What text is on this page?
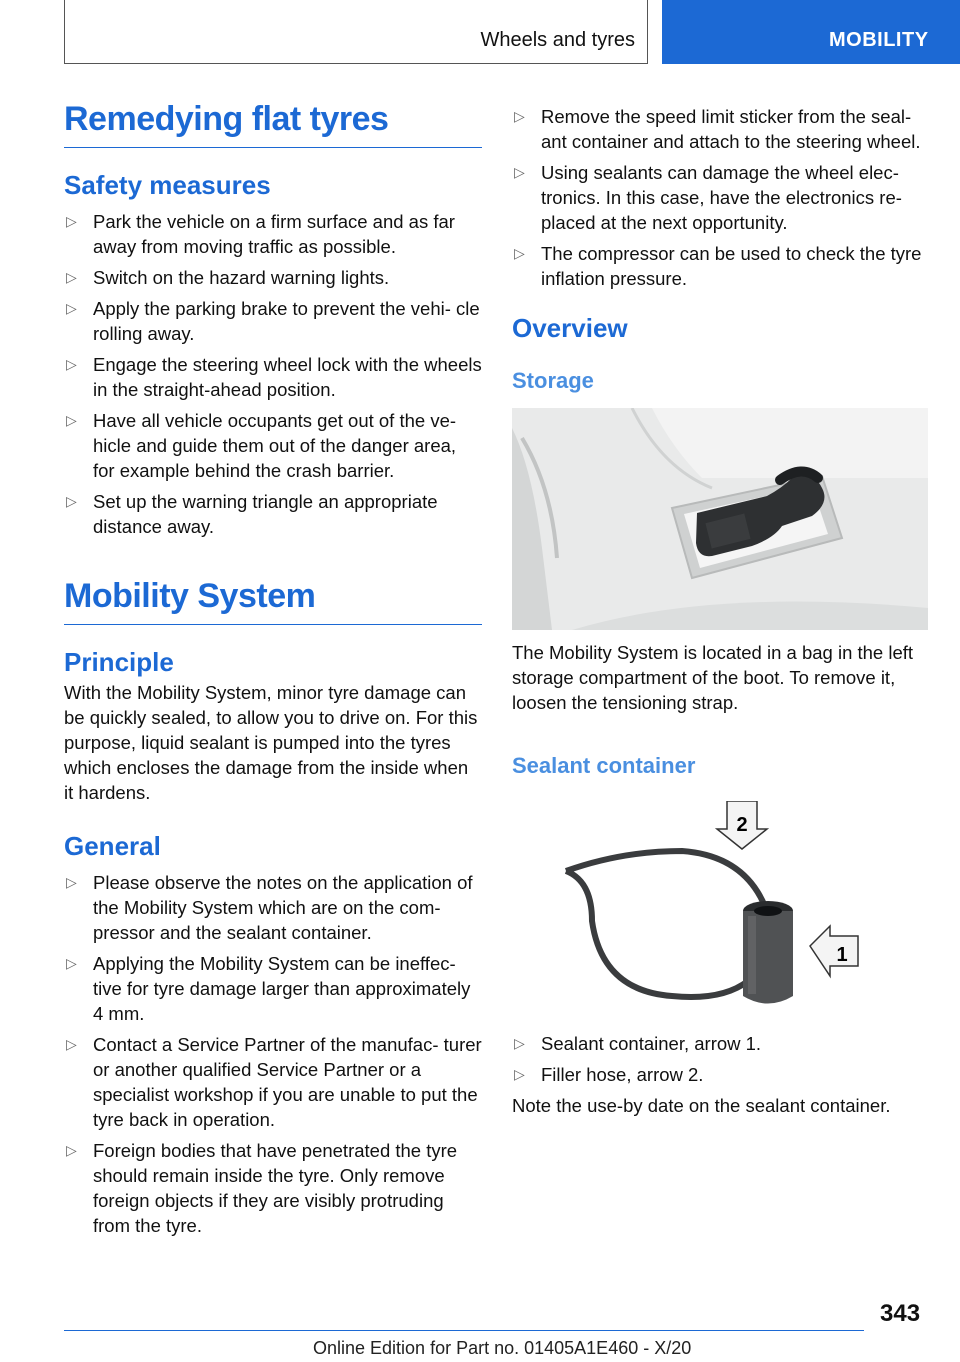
Wheels and tyres	MOBILITY
Remedying flat tyres
Safety measures
▷ Park the vehicle on a firm surface and as far away from moving traffic as possible.
▷ Switch on the hazard warning lights.
▷ Apply the parking brake to prevent the vehi‐ cle rolling away.
▷ Engage the steering wheel lock with the wheels in the straight-ahead position.
▷ Have all vehicle occupants get out of the ve‐ hicle and guide them out of the danger area, for example behind the crash barrier.
▷ Set up the warning triangle an appropriate distance away.
Mobility System
Principle

With the Mobility System, minor tyre damage can be quickly sealed, to allow you to drive on. For this purpose, liquid sealant is pumped into the tyres which encloses the damage from the inside when it hardens.

General
▷ Please observe the notes on the application of the Mobility System which are on the com‐ pressor and the sealant container.
▷ Applying the Mobility System can be ineffec‐ tive for tyre damage larger than approximately 4 mm.
▷ Contact a Service Partner of the manufac‐ turer or another qualified Service Partner or a specialist workshop if you are unable to put the tyre back in operation.
▷ Foreign bodies that have penetrated the tyre should remain inside the tyre. Only remove foreign objects if they are visibly protruding from the tyre.
▷ Remove the speed limit sticker from the seal‐ ant container and attach to the steering wheel.
▷ Using sealants can damage the wheel elec‐ tronics. In this case, have the electronics re‐ placed at the next opportunity.
▷ The compressor can be used to check the tyre inflation pressure.
Overview
Storage

The Mobility System is located in a bag in the left storage compartment of the boot. To remove it, loosen the tensioning strap.

Sealant container
2
1
▷ Sealant container, arrow 1.
▷ Filler hose, arrow 2.

Note the use-by date on the sealant container.

343
Online Edition for Part no. 01405A1E460 - X/20
